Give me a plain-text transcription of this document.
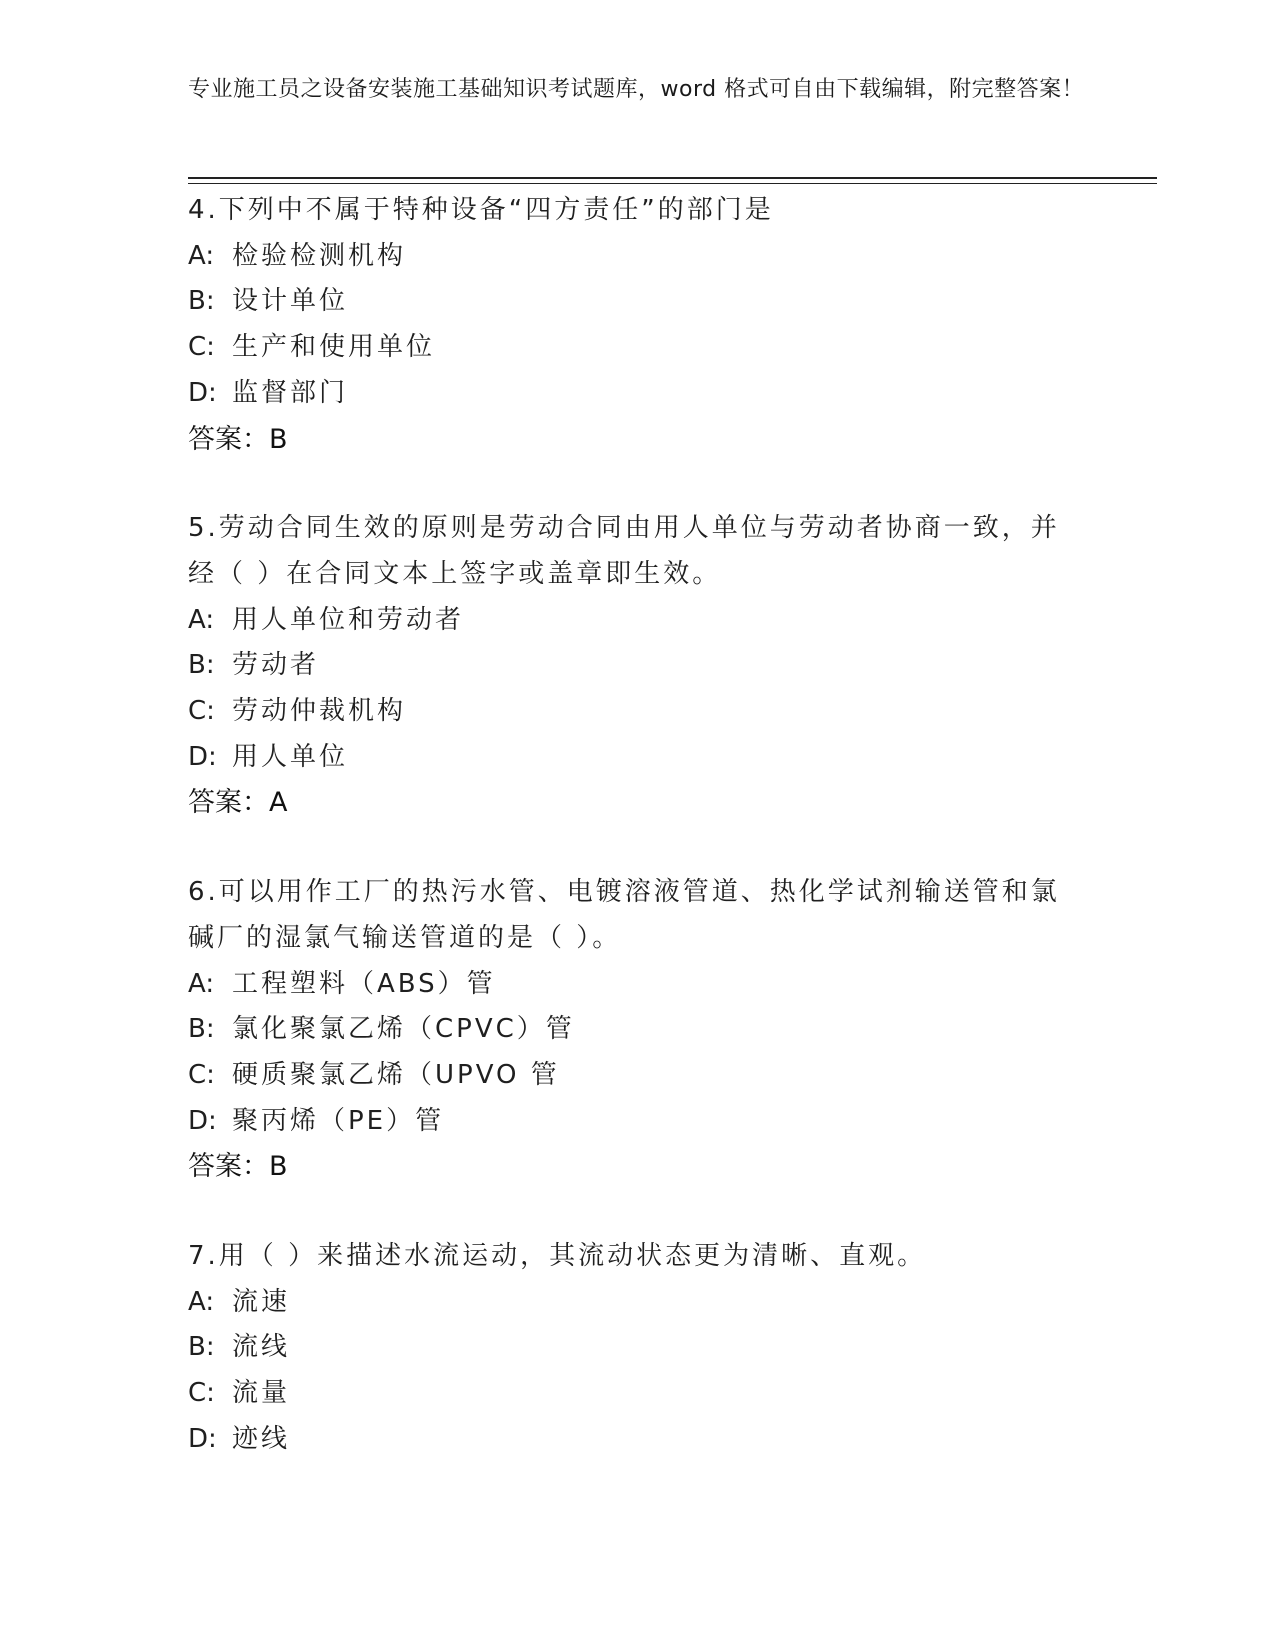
专业施工员之设备安装施工基础知识考试题库，word 格式可自由下载编辑，附完整答案！
4.下列中不属于特种设备“四方责任”的部门是
A: 检验检测机构
B: 设计单位
C: 生产和使用单位
D: 监督部门
答案：B
5.劳动合同生效的原则是劳动合同由用人单位与劳动者协商一致，并经（ ）在合同文本上签字或盖章即生效。
A: 用人单位和劳动者
B: 劳动者
C: 劳动仲裁机构
D: 用人单位
答案：A
6.可以用作工厂的热污水管、电镀溶液管道、热化学试剂输送管和氯碱厂的湿氯气输送管道的是（ ）。
A: 工程塑料（ABS）管
B: 氯化聚氯乙烯（CPVC）管
C: 硬质聚氯乙烯（UPVO 管
D: 聚丙烯（PE）管
答案：B
7.用（ ）来描述水流运动，其流动状态更为清晰、直观。
A: 流速
B: 流线
C: 流量
D: 迹线
